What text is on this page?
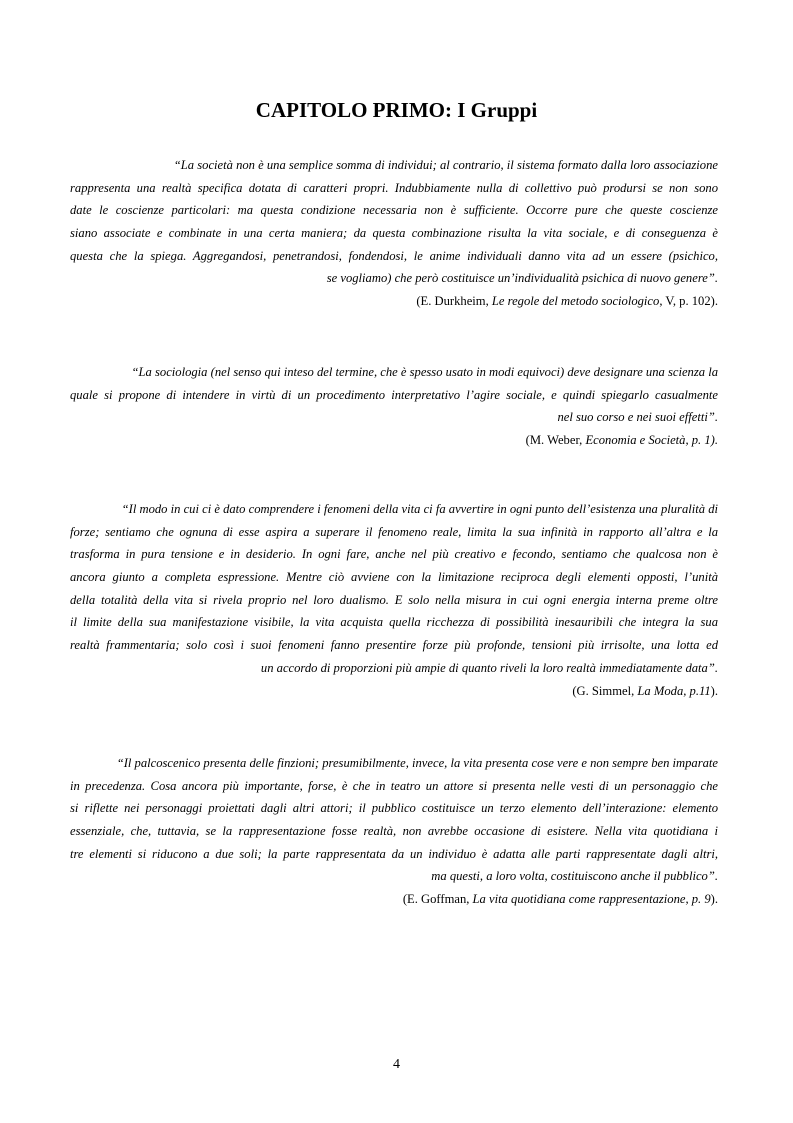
CAPITOLO PRIMO: I Gruppi
“La società non è una semplice somma di individui; al contrario, il sistema formato dalla loro associazione
rappresenta una realtà specifica dotata di caratteri propri. Indubbiamente nulla di collettivo può prodursi se non sono
date le coscienze particolari: ma questa condizione necessaria non è sufficiente. Occorre pure che queste coscienze
siano associate e combinate in una certa maniera; da questa combinazione risulta la vita sociale, e di conseguenza è
questa che la spiega. Aggregandosi, penetrandosi, fondendosi, le anime individuali danno vita ad un essere (psichico,
se vogliamo) che però costituisce un’individualità psichica di nuovo genere”.
(E. Durkheim, Le regole del metodo sociologico, V, p. 102).
“La sociologia (nel senso qui inteso del termine, che è spesso usato in modi equivoci) deve designare una scienza la
quale si propone di intendere in virtù di un procedimento interpretativo l’agire sociale, e quindi spiegarlo casualmente
nel suo corso e nei suoi effetti”.
(M. Weber, Economia e Società, p. 1).
“Il modo in cui ci è dato comprendere i fenomeni della vita ci fa avvertire in ogni punto dell’esistenza una pluralità di
forze; sentiamo che ognuna di esse aspira a superare il fenomeno reale, limita la sua infinità in rapporto all’altra e la
trasforma in pura tensione e in desiderio. In ogni fare, anche nel più creativo e fecondo, sentiamo che qualcosa non è
ancora giunto a completa espressione. Mentre ciò avviene con la limitazione reciproca degli elementi opposti, l’unità
della totalità della vita si rivela proprio nel loro dualismo. E solo nella misura in cui ogni energia interna preme oltre
il limite della sua manifestazione visibile, la vita acquista quella ricchezza di possibilità inesauribili che integra la sua
realtà frammentaria; solo così i suoi fenomeni fanno presentire forze più profonde, tensioni più irrisolte, una lotta ed
un accordo di proporzioni più ampie di quanto riveli la loro realtà immediatamente data”.
(G. Simmel, La Moda, p.11).
“Il palcoscenico presenta delle finzioni; presumibilmente, invece, la vita presenta cose vere e non sempre ben imparate
in precedenza. Cosa ancora più importante, forse, è che in teatro un attore si presenta nelle vesti di un personaggio che
si riflette nei personaggi proiettati dagli altri attori; il pubblico costituisce un terzo elemento dell’interazione: elemento
essenziale, che, tuttavia, se la rappresentazione fosse realtà, non avrebbe occasione di esistere. Nella vita quotidiana i
tre elementi si riducono a due soli; la parte rappresentata da un individuo è adatta alle parti rappresentate dagli altri,
ma questi, a loro volta, costituiscono anche il pubblico”.
(E. Goffman, La vita quotidiana come rappresentazione, p. 9).
4
